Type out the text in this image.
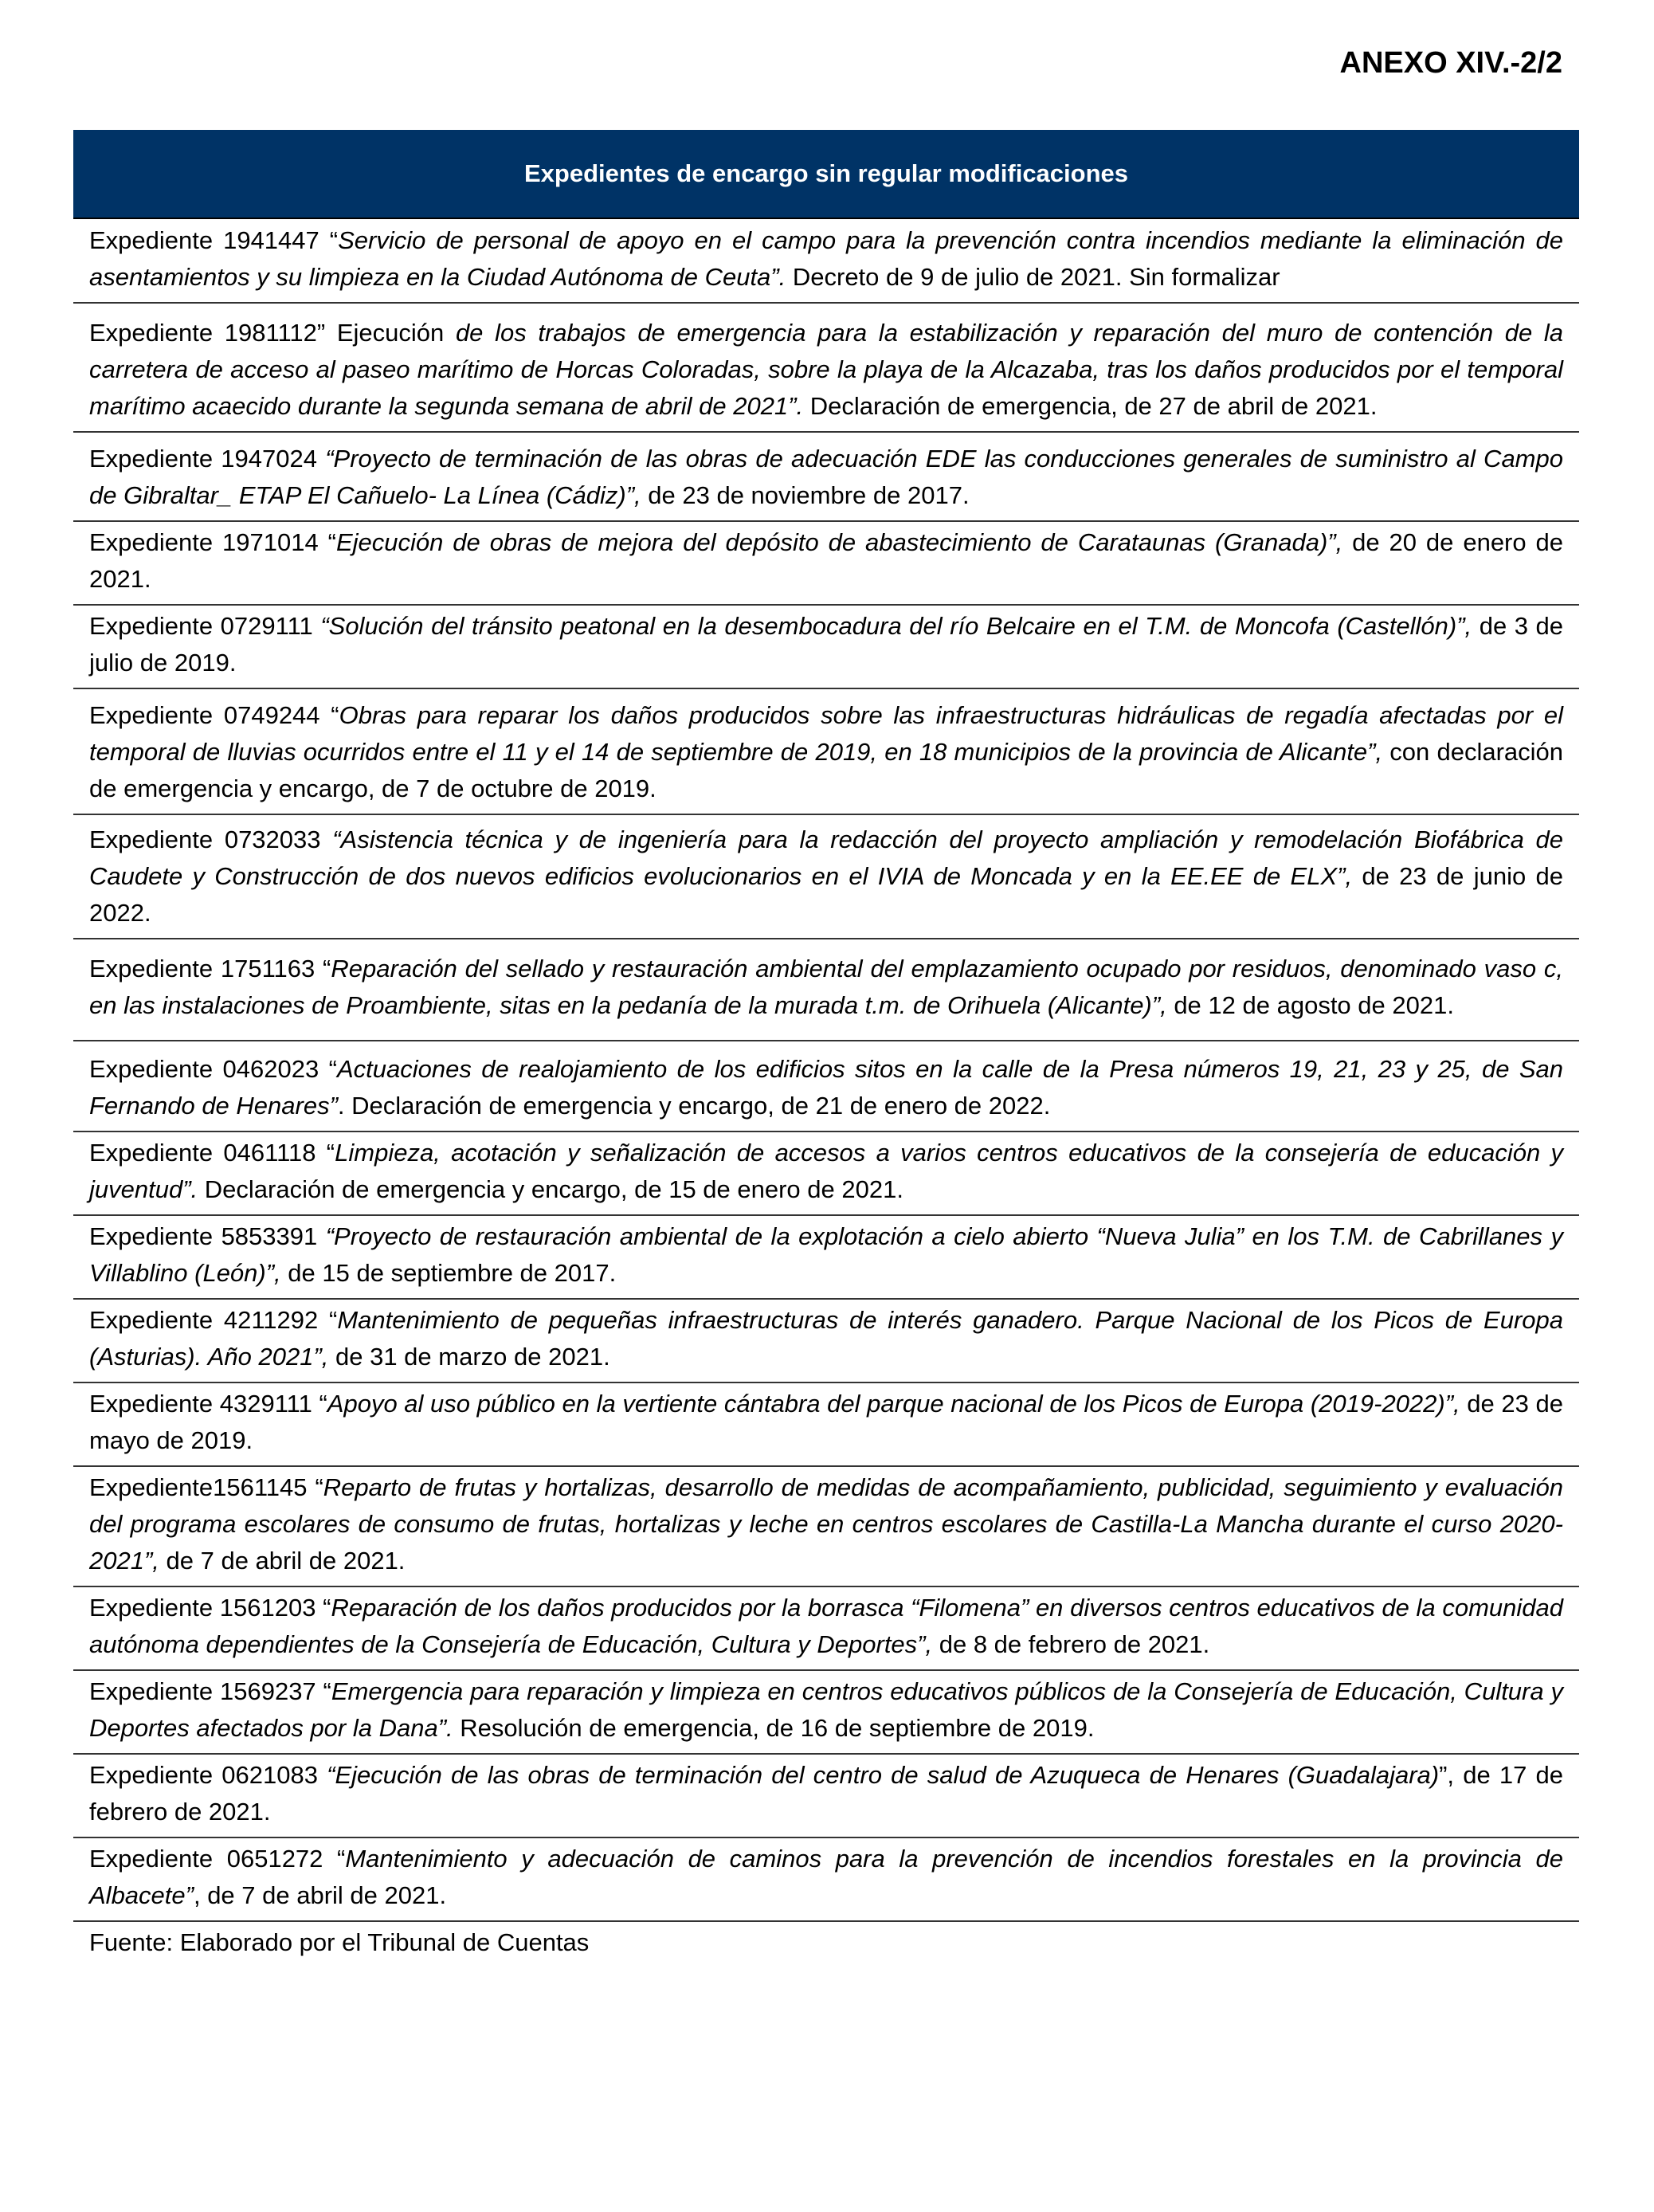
ANEXO XIV.-2/2
Expedientes de encargo sin regular modificaciones
Expediente 1941447 “Servicio de personal de apoyo en el campo para la prevención contra incendios mediante la eliminación de asentamientos y su limpieza en la Ciudad Autónoma de Ceuta”. Decreto de 9 de julio de 2021. Sin formalizar
Expediente 1981112” Ejecución de los trabajos de emergencia para la estabilización y reparación del muro de contención de la carretera de acceso al paseo marítimo de Horcas Coloradas, sobre la playa de la Alcazaba, tras los daños producidos por el temporal marítimo acaecido durante la segunda semana de abril de 2021”. Declaración de emergencia, de 27 de abril de 2021.
Expediente 1947024 “Proyecto de terminación de las obras de adecuación EDE las conducciones generales de suministro al Campo de Gibraltar_ ETAP El Cañuelo- La Línea (Cádiz)”, de 23 de noviembre de 2017.
Expediente 1971014 “Ejecución de obras de mejora del depósito de abastecimiento de Carataunas (Granada)”, de 20 de enero de 2021.
Expediente 0729111 “Solución del tránsito peatonal en la desembocadura del río Belcaire en el T.M. de Moncofa (Castellón)”, de 3 de julio de 2019.
Expediente 0749244 “Obras para reparar los daños producidos sobre las infraestructuras hidráulicas de regadía afectadas por el temporal de lluvias ocurridos entre el 11 y el 14 de septiembre de 2019, en 18 municipios de la provincia de Alicante”, con declaración de emergencia y encargo, de 7 de octubre de 2019.
Expediente 0732033 “Asistencia técnica y de ingeniería para la redacción del proyecto ampliación y remodelación Biofábrica de Caudete y Construcción de dos nuevos edificios evolucionarios en el IVIA de Moncada y en la EE.EE de ELX”, de 23 de junio de 2022.
Expediente 1751163 “Reparación del sellado y restauración ambiental del emplazamiento ocupado por residuos, denominado vaso c, en las instalaciones de Proambiente, sitas en la pedanía de la murada t.m. de Orihuela (Alicante)”, de 12 de agosto de 2021.
Expediente 0462023 “Actuaciones de realojamiento de los edificios sitos en la calle de la Presa números 19, 21, 23 y 25, de San Fernando de Henares”. Declaración de emergencia y encargo, de 21 de enero de 2022.
Expediente 0461118 “Limpieza, acotación y señalización de accesos a varios centros educativos de la consejería de educación y juventud”. Declaración de emergencia y encargo, de 15 de enero de 2021.
Expediente 5853391 “Proyecto de restauración ambiental de la explotación a cielo abierto “Nueva Julia” en los T.M. de Cabrillanes y Villablino (León)”, de 15 de septiembre de 2017.
Expediente 4211292 “Mantenimiento de pequeñas infraestructuras de interés ganadero. Parque Nacional de los Picos de Europa (Asturias). Año 2021”, de 31 de marzo de 2021.
Expediente 4329111 “Apoyo al uso público en la vertiente cántabra del parque nacional de los Picos de Europa (2019-2022)”, de 23 de mayo de 2019.
Expediente1561145 “Reparto de frutas y hortalizas, desarrollo de medidas de acompañamiento, publicidad, seguimiento y evaluación del programa escolares de consumo de frutas, hortalizas y leche en centros escolares de Castilla-La Mancha durante el curso 2020-2021”, de 7 de abril de 2021.
Expediente 1561203 “Reparación de los daños producidos por la borrasca “Filomena” en diversos centros educativos de la comunidad autónoma dependientes de la Consejería de Educación, Cultura y Deportes”, de 8 de febrero de 2021.
Expediente 1569237 “Emergencia para reparación y limpieza en centros educativos públicos de la Consejería de Educación, Cultura y Deportes afectados por la Dana”. Resolución de emergencia, de 16 de septiembre de 2019.
Expediente 0621083 “Ejecución de las obras de terminación del centro de salud de Azuqueca de Henares (Guadalajara)”, de 17 de febrero de 2021.
Expediente 0651272 “Mantenimiento y adecuación de caminos para la prevención de incendios forestales en la provincia de Albacete”, de 7 de abril de 2021.
Fuente: Elaborado por el Tribunal de Cuentas
